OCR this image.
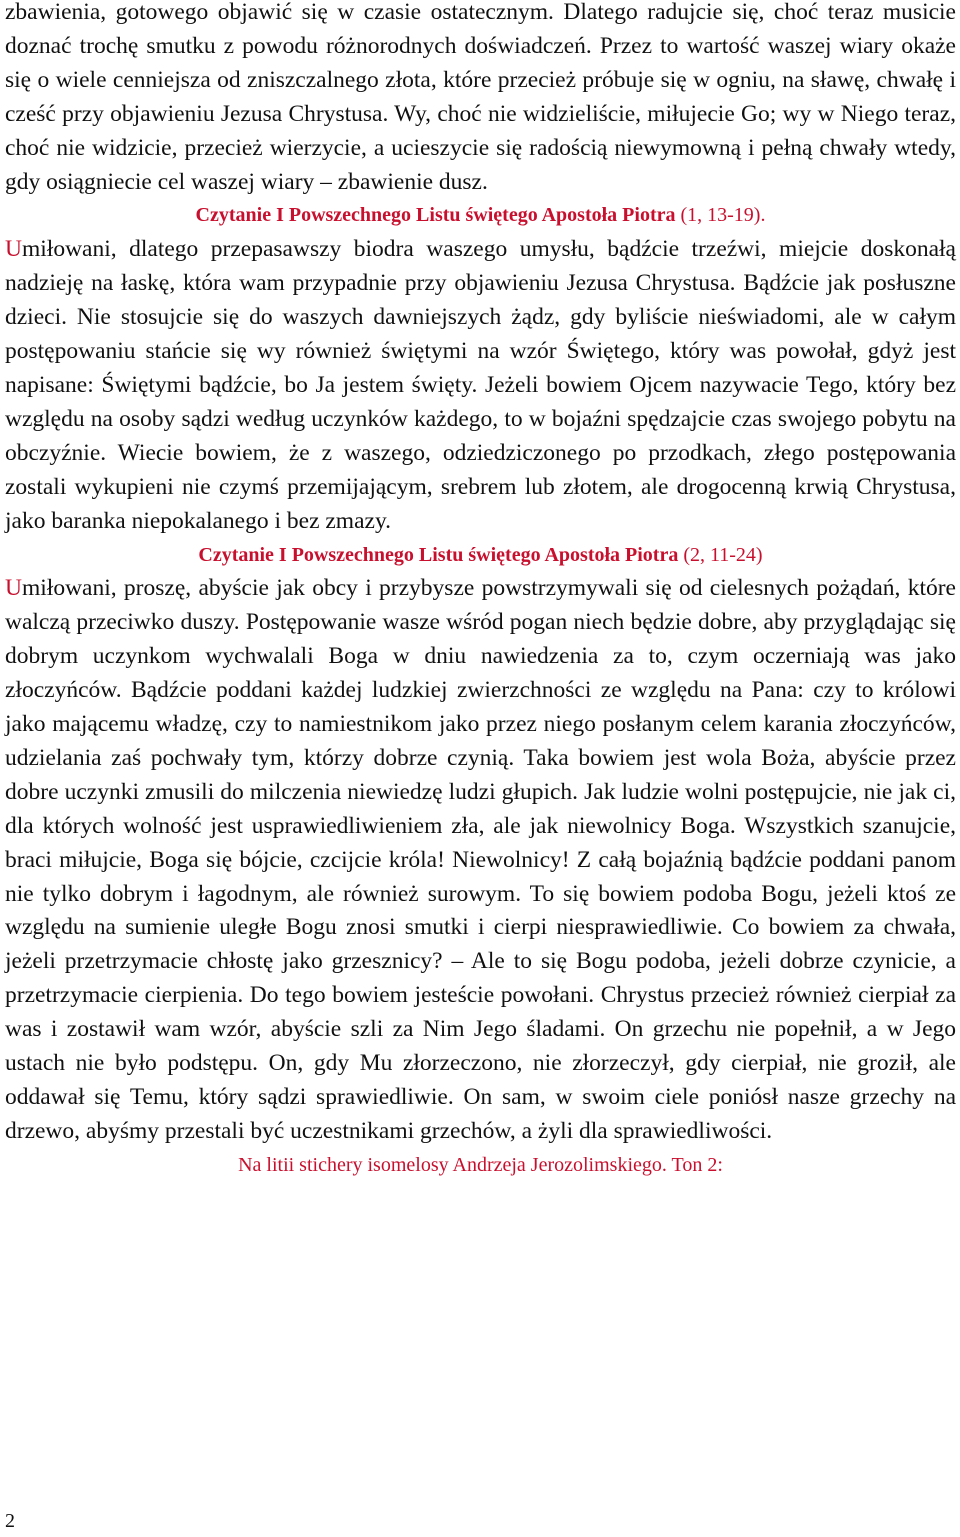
zbawienia, gotowego objawić się w czasie ostatecznym. Dlatego radujcie się, choć teraz musicie doznać trochę smutku z powodu różnorodnych doświadczeń. Przez to wartość waszej wiary okaże się o wiele cenniejsza od zniszczalnego złota, które przecież próbuje się w ogniu, na sławę, chwałę i cześć przy objawieniu Jezusa Chrystusa. Wy, choć nie widzieliście, miłujecie Go; wy w Niego teraz, choć nie widzicie, przecież wierzycie, a ucieszycie się radością niewymowną i pełną chwały wtedy, gdy osiągniecie cel waszej wiary – zbawienie dusz.

Czytanie I Powszechnego Listu świętego Apostoła Piotra (1, 13-19).

Umiłowani, dlatego przepasawszy biodra waszego umysłu, bądźcie trzeźwi, miejcie doskonałą nadzieję na łaskę, która wam przypadnie przy objawieniu Jezusa Chrystusa. Bądźcie jak posłuszne dzieci. Nie stosujcie się do waszych dawniejszych żądz, gdy byliście nieświadomi, ale w całym postępowaniu stańcie się wy również świętymi na wzór Świętego, który was powołał, gdyż jest napisane: Świętymi bądźcie, bo Ja jestem święty. Jeżeli bowiem Ojcem nazywacie Tego, który bez względu na osoby sądzi według uczynków każdego, to w bojaźni spędzajcie czas swojego pobytu na obczyźnie. Wiecie bowiem, że z waszego, odziedziczonego po przodkach, złego postępowania zostali wykupieni nie czymś przemijającym, srebrem lub złotem, ale drogocenną krwią Chrystusa, jako baranka niepokalanego i bez zmazy.

Czytanie I Powszechnego Listu świętego Apostoła Piotra (2, 11-24)

Umiłowani, proszę, abyście jak obcy i przybysze powstrzymywali się od cielesnych pożądań, które walczą przeciwko duszy. Postępowanie wasze wśród pogan niech będzie dobre, aby przyglądając się dobrym uczynkom wychwalali Boga w dniu nawiedzenia za to, czym oczerniają was jako złoczyńców. Bądźcie poddani każdej ludzkiej zwierzchności ze względu na Pana: czy to królowi jako mającemu władzę, czy to namiestnikom jako przez niego posłanym celem karania złoczyńców, udzielania zaś pochwały tym, którzy dobrze czynią. Taka bowiem jest wola Boża, abyście przez dobre uczynki zmusili do milczenia niewiedzę ludzi głupich. Jak ludzie wolni postępujcie, nie jak ci, dla których wolność jest usprawiedliwieniem zła, ale jak niewolnicy Boga. Wszystkich szanujcie, braci miłujcie, Boga się bójcie, czcijcie króla! Niewolnicy! Z całą bojaźnią bądźcie poddani panom nie tylko dobrym i łagodnym, ale również surowym. To się bowiem podoba Bogu, jeżeli ktoś ze względu na sumienie uległe Bogu znosi smutki i cierpi niesprawiedliwie. Co bowiem za chwała, jeżeli przetrzymacie chłostę jako grzesznicy? – Ale to się Bogu podoba, jeżeli dobrze czynicie, a przetrzymacie cierpienia. Do tego bowiem jesteście powołani. Chrystus przecież również cierpiał za was i zostawił wam wzór, abyście szli za Nim Jego śladami. On grzechu nie popełnił, a w Jego ustach nie było podstępu. On, gdy Mu złorzeczono, nie złorzeczył, gdy cierpiał, nie groził, ale oddawał się Temu, który sądzi sprawiedliwie. On sam, w swoim ciele poniósł nasze grzechy na drzewo, abyśmy przestali być uczestnikami grzechów, a żyli dla sprawiedliwości.

Na litii stichery isomelosy Andrzeja Jerozolimskiego. Ton 2:

2
